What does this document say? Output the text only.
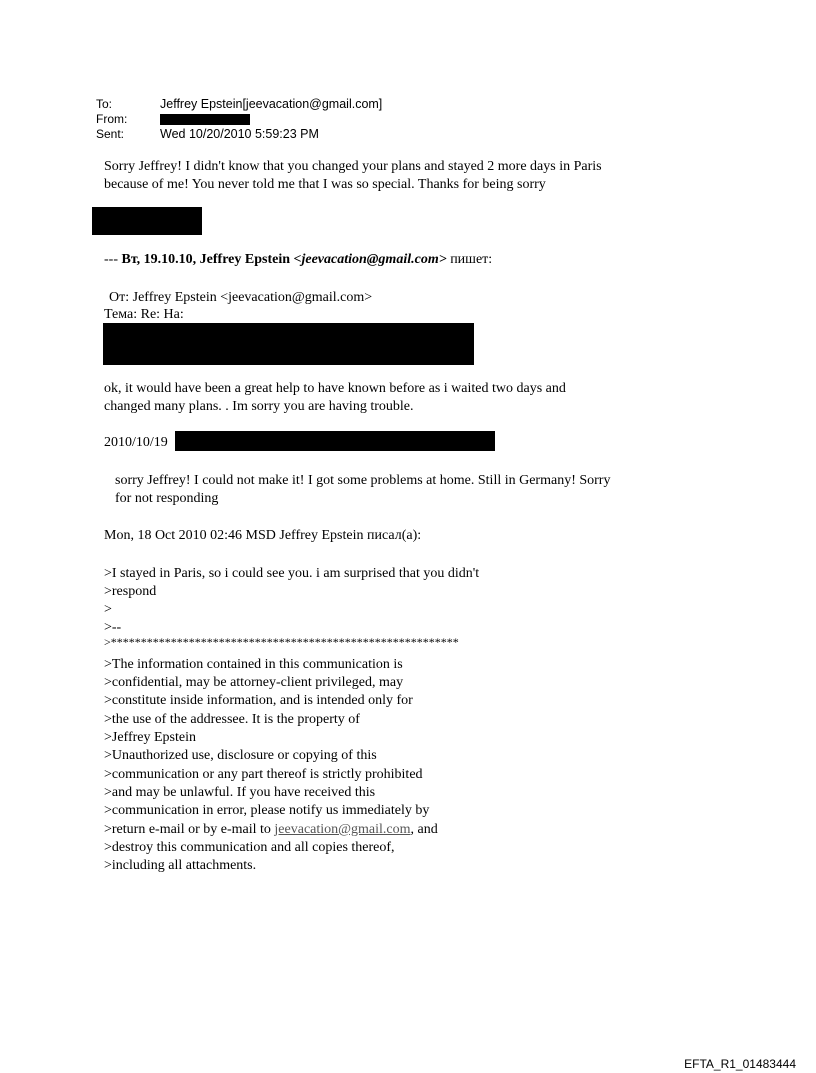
To:	Jeffrey Epstein[jeevacation@gmail.com]
From:
Sent:	Wed 10/20/2010 5:59:23 PM
Sorry Jeffrey! I didn't know that you changed your plans and stayed 2 more days in Paris
because of me! You never told me that I was so special. Thanks for being sorry
--- Вт, 19.10.10, Jeffrey Epstein <jeevacation@gmail.com> пишет:
От: Jeffrey Epstein <jeevacation@gmail.com>
Тема: Re: На:
ok, it would have been a great help to have known before as i waited two days and
changed many plans. . Im sorry you are having trouble.
2010/10/19
sorry Jeffrey! I could not make it! I got some problems at home. Still in Germany! Sorry
for not responding
Mon, 18 Oct 2010 02:46 MSD Jeffrey Epstein писал(а):
>I stayed in Paris, so i could see you. i am surprised that you didn't
>respond
>
>--
>**********************************************************
>The information contained in this communication is
>confidential, may be attorney-client privileged, may
>constitute inside information, and is intended only for
>the use of the addressee. It is the property of
>Jeffrey Epstein
>Unauthorized use, disclosure or copying of this
>communication or any part thereof is strictly prohibited
>and may be unlawful. If you have received this
>communication in error, please notify us immediately by
>return e-mail or by e-mail to jeevacation@gmail.com, and
>destroy this communication and all copies thereof,
>including all attachments.
EFTA_R1_01483444
